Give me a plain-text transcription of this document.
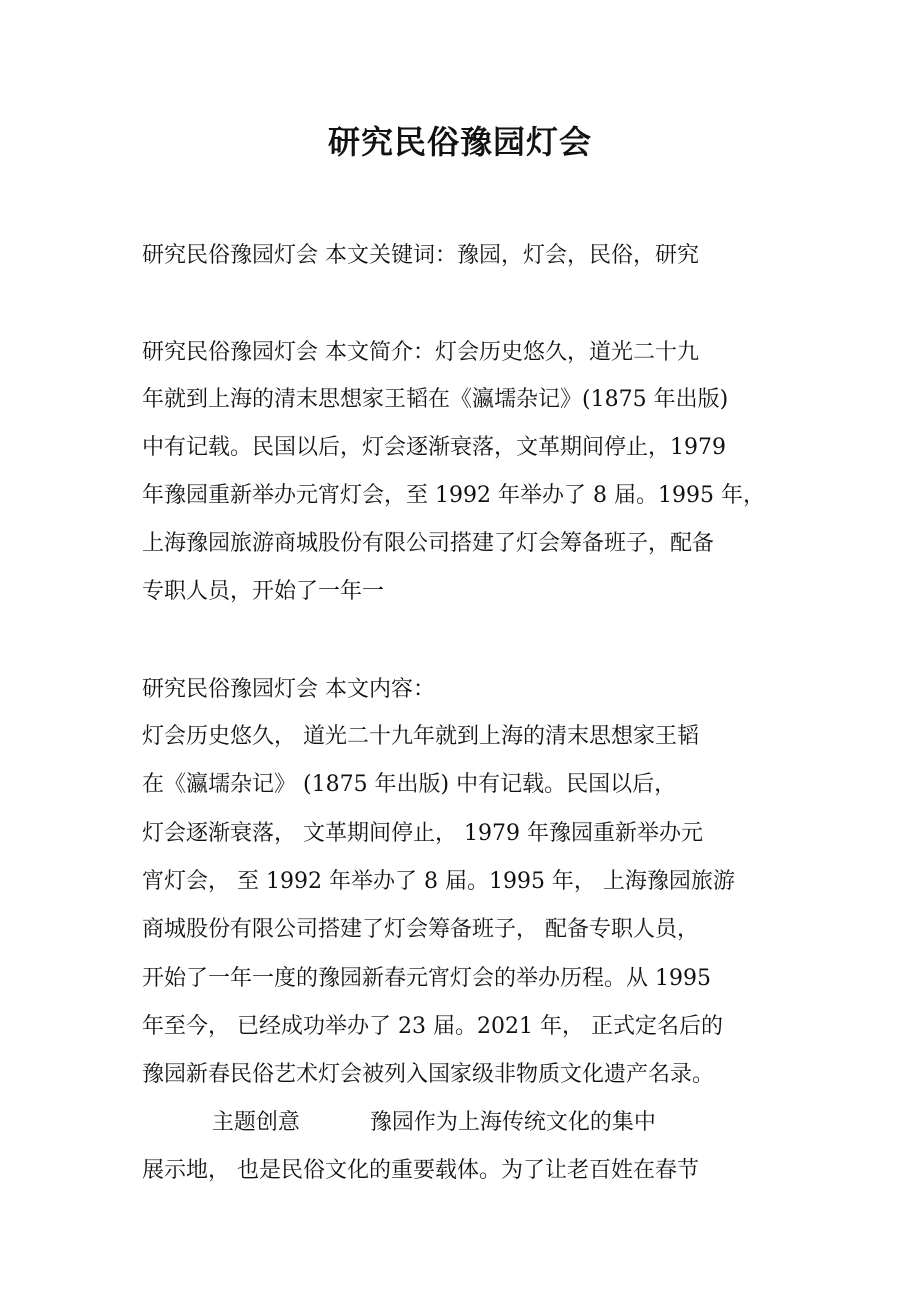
研究民俗豫园灯会

研究民俗豫园灯会 本文关键词：豫园，灯会，民俗，研究

研究民俗豫园灯会 本文简介：灯会历史悠久，道光二十九

年就到上海的清末思想家王韬在《瀛壖杂记》(1875 年出版)

中有记载。民国以后，灯会逐渐衰落，文革期间停止，1979

年豫园重新举办元宵灯会，至 1992 年举办了 8 届。1995 年，

上海豫园旅游商城股份有限公司搭建了灯会筹备班子，配备

专职人员，开始了一年一

研究民俗豫园灯会 本文内容：

灯会历史悠久， 道光二十九年就到上海的清末思想家王韬

在《瀛壖杂记》 (1875 年出版) 中有记载。民国以后，

灯会逐渐衰落， 文革期间停止， 1979 年豫园重新举办元

宵灯会， 至 1992 年举办了 8 届。1995 年， 上海豫园旅游

商城股份有限公司搭建了灯会筹备班子， 配备专职人员，

开始了一年一度的豫园新春元宵灯会的举办历程。从 1995

年至今， 已经成功举办了 23 届。2021 年， 正式定名后的

豫园新春民俗艺术灯会被列入国家级非物质文化遗产名录。

主题创意          豫园作为上海传统文化的集中

展示地， 也是民俗文化的重要载体。为了让老百姓在春节
